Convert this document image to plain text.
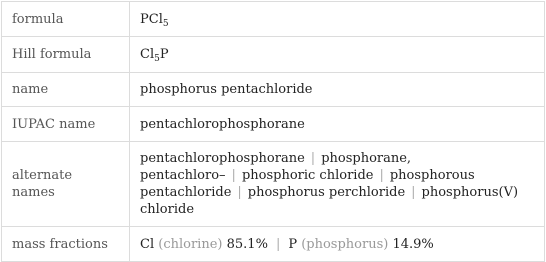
formula	PCl$_5$
Hill formula	$Cl_5P$
name	phosphorus pentachloride
IUPAC name	pentachlorophosphorane
alternate names	pentachlorophosphorane | phosphorane, pentachloro– | phosphoric chloride | phosphorous pentachloride | phosphorus perchloride | phosphorus(V) chloride
mass fractions	Cl (chlorine) 85.1% | P (phosphorus) 14.9%
